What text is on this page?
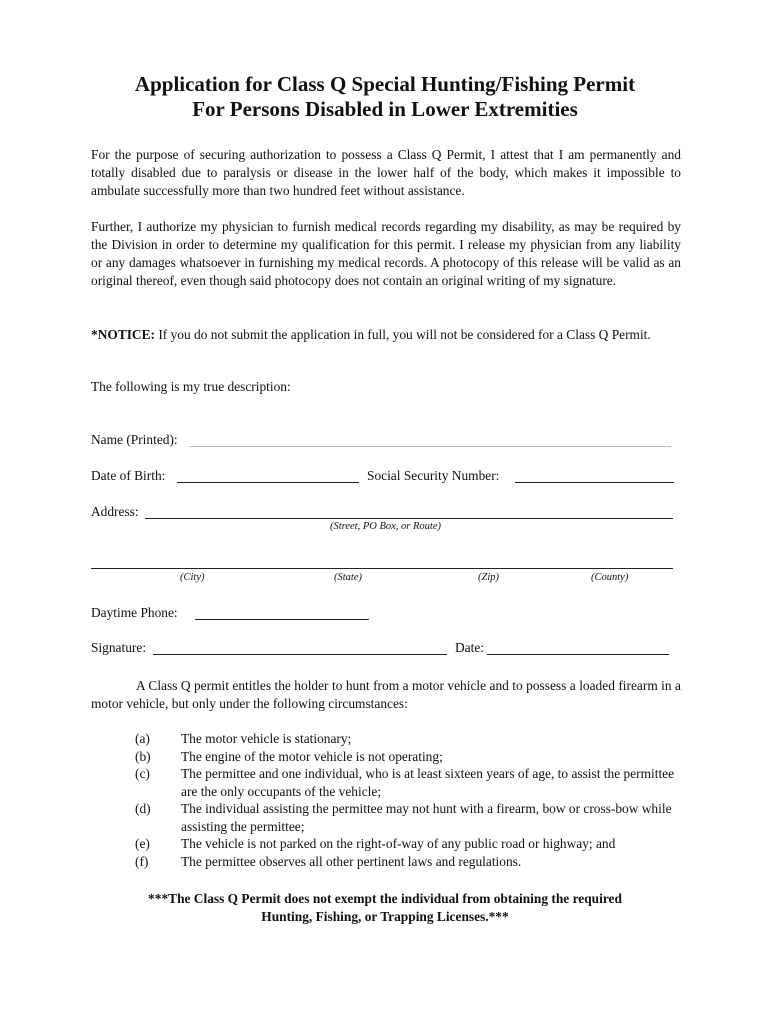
Application for Class Q Special Hunting/Fishing Permit
For Persons Disabled in Lower Extremities
For the purpose of securing authorization to possess a Class Q Permit, I attest that I am permanently and totally disabled due to paralysis or disease in the lower half of the body, which makes it impossible to ambulate successfully more than two hundred feet without assistance.
Further, I authorize my physician to furnish medical records regarding my disability, as may be required by the Division in order to determine my qualification for this permit. I release my physician from any liability or any damages whatsoever in furnishing my medical records. A photocopy of this release will be valid as an original thereof, even though said photocopy does not contain an original writing of my signature.
*NOTICE: If you do not submit the application in full, you will not be considered for a Class Q Permit.
The following is my true description:
Name (Printed):
Date of Birth:	Social Security Number:
Address:
(Street, PO Box, or Route)
(City)	(State)	(Zip)	(County)
Daytime Phone:
Signature:	Date:
A Class Q permit entitles the holder to hunt from a motor vehicle and to possess a loaded firearm in a motor vehicle, but only under the following circumstances:
(a) The motor vehicle is stationary;
(b) The engine of the motor vehicle is not operating;
(c) The permittee and one individual, who is at least sixteen years of age, to assist the permittee are the only occupants of the vehicle;
(d) The individual assisting the permittee may not hunt with a firearm, bow or cross-bow while assisting the permittee;
(e) The vehicle is not parked on the right-of-way of any public road or highway; and
(f) The permittee observes all other pertinent laws and regulations.
***The Class Q Permit does not exempt the individual from obtaining the required
Hunting, Fishing, or Trapping Licenses.***
